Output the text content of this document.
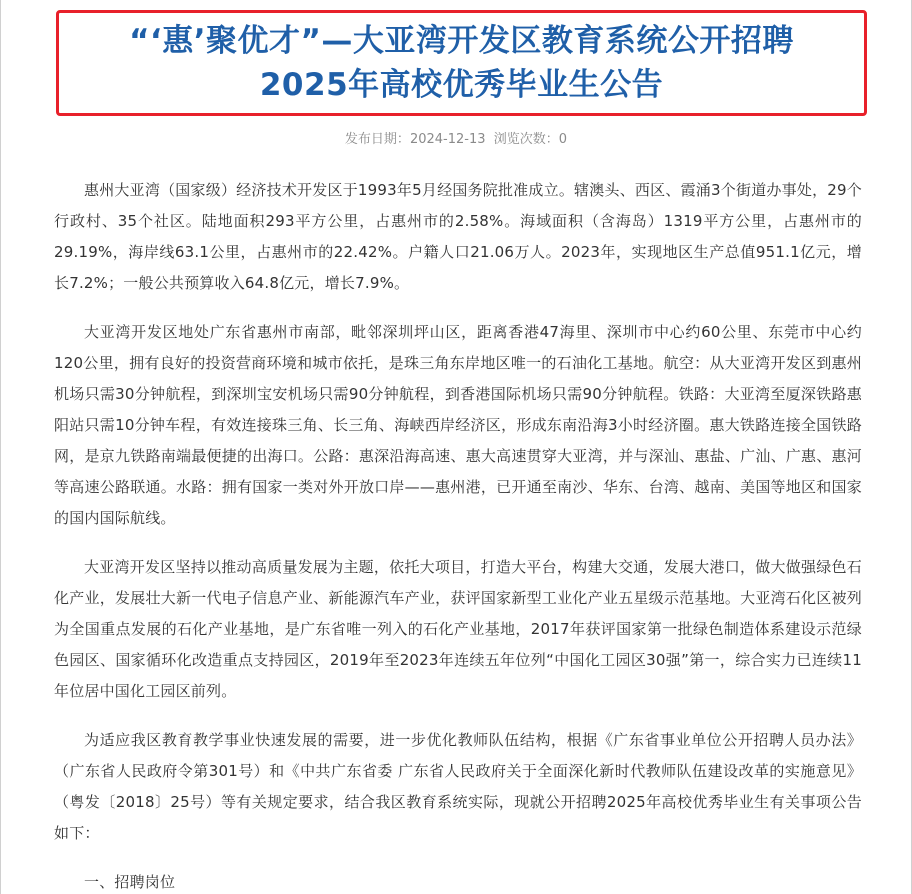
“‘惠’聚优才”—大亚湾开发区教育系统公开招聘
2025年高校优秀毕业生公告
发布日期：2024-12-13 浏览次数：0

惠州大亚湾（国家级）经济技术开发区于1993年5月经国务院批准成立。辖澳头、西区、霞涌3个街道办事处，29个行政村、35个社区。陆地面积293平方公里，占惠州市的2.58%。海域面积（含海岛）1319平方公里，占惠州市的29.19%，海岸线63.1公里，占惠州市的22.42%。户籍人口21.06万人。2023年，实现地区生产总值951.1亿元，增长7.2%；一般公共预算收入64.8亿元，增长7.9%。

大亚湾开发区地处广东省惠州市南部，毗邻深圳坪山区，距离香港47海里、深圳市中心约60公里、东莞市中心约120公里，拥有良好的投资营商环境和城市依托，是珠三角东岸地区唯一的石油化工基地。航空：从大亚湾开发区到惠州机场只需30分钟航程，到深圳宝安机场只需90分钟航程，到香港国际机场只需90分钟航程。铁路：大亚湾至厦深铁路惠阳站只需10分钟车程，有效连接珠三角、长三角、海峡西岸经济区，形成东南沿海3小时经济圈。惠大铁路连接全国铁路网，是京九铁路南端最便捷的出海口。公路：惠深沿海高速、惠大高速贯穿大亚湾，并与深汕、惠盐、广汕、广惠、惠河等高速公路联通。水路：拥有国家一类对外开放口岸——惠州港，已开通至南沙、华东、台湾、越南、美国等地区和国家的国内国际航线。

大亚湾开发区坚持以推动高质量发展为主题，依托大项目，打造大平台，构建大交通，发展大港口，做大做强绿色石化产业，发展壮大新一代电子信息产业、新能源汽车产业，获评国家新型工业化产业五星级示范基地。大亚湾石化区被列为全国重点发展的石化产业基地，是广东省唯一列入的石化产业基地，2017年获评国家第一批绿色制造体系建设示范绿色园区、国家循环化改造重点支持园区，2019年至2023年连续五年位列“中国化工园区30强”第一，综合实力已连续11年位居中国化工园区前列。

为适应我区教育教学事业快速发展的需要，进一步优化教师队伍结构，根据《广东省事业单位公开招聘人员办法》（广东省人民政府令第301号）和《中共广东省委 广东省人民政府关于全面深化新时代教师队伍建设改革的实施意见》（粤发〔2018〕25号）等有关规定要求，结合我区教育系统实际，现就公开招聘2025年高校优秀毕业生有关事项公告如下：

一、招聘岗位
